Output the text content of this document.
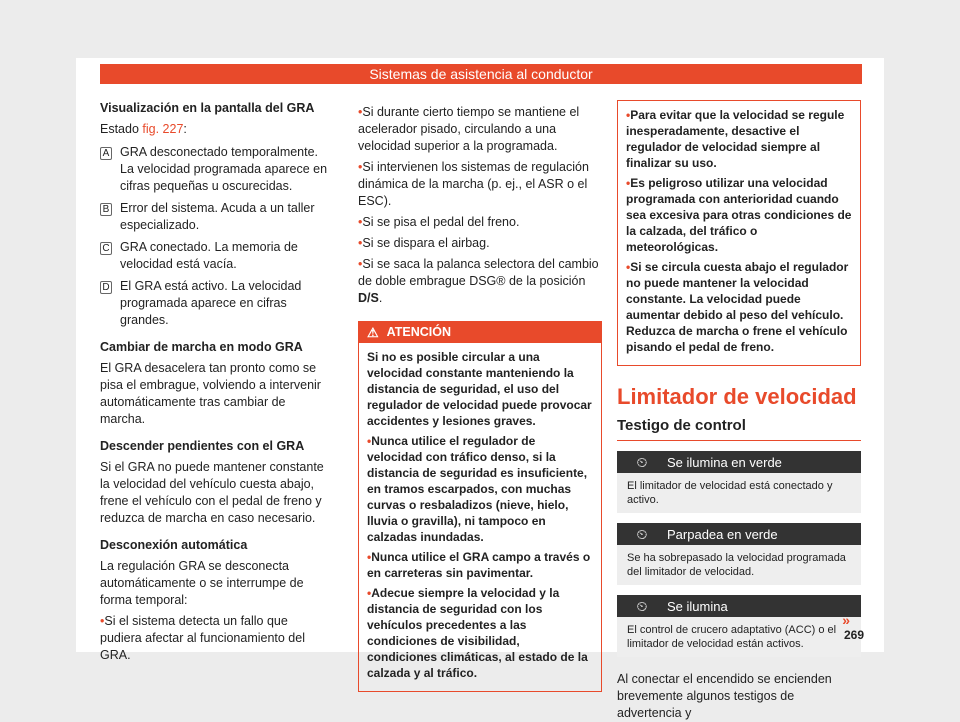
Sistemas de asistencia al conductor
Visualización en la pantalla del GRA
Estado fig. 227:
A GRA desconectado temporalmente. La velocidad programada aparece en cifras pequeñas u oscurecidas.
B Error del sistema. Acuda a un taller especializado.
C GRA conectado. La memoria de velocidad está vacía.
D El GRA está activo. La velocidad programada aparece en cifras grandes.
Cambiar de marcha en modo GRA
El GRA desacelera tan pronto como se pisa el embrague, volviendo a intervenir automáticamente tras cambiar de marcha.
Descender pendientes con el GRA
Si el GRA no puede mantener constante la velocidad del vehículo cuesta abajo, frene el vehículo con el pedal de freno y reduzca de marcha en caso necesario.
Desconexión automática
La regulación GRA se desconecta automáticamente o se interrumpe de forma temporal:
• Si el sistema detecta un fallo que pudiera afectar al funcionamiento del GRA.
• Si durante cierto tiempo se mantiene el acelerador pisado, circulando a una velocidad superior a la programada.
• Si intervienen los sistemas de regulación dinámica de la marcha (p. ej., el ASR o el ESC).
• Si se pisa el pedal del freno.
• Si se dispara el airbag.
• Si se saca la palanca selectora del cambio de doble embrague DSG® de la posición D/S.
⚠ ATENCIÓN

Si no es posible circular a una velocidad constante manteniendo la distancia de seguridad, el uso del regulador de velocidad puede provocar accidentes y lesiones graves.

• Nunca utilice el regulador de velocidad con tráfico denso, si la distancia de seguridad es insuficiente, en tramos escarpados, con muchas curvas o resbaladizos (nieve, hielo, lluvia o gravilla), ni tampoco en calzadas inundadas.

• Nunca utilice el GRA campo a través o en carreteras sin pavimentar.

• Adecue siempre la velocidad y la distancia de seguridad con los vehículos precedentes a las condiciones de visibilidad, condiciones climáticas, al estado de la calzada y al tráfico.

• Para evitar que la velocidad se regule inesperadamente, desactive el regulador de velocidad siempre al finalizar su uso.

• Es peligroso utilizar una velocidad programada con anterioridad cuando sea excesiva para otras condiciones de la calzada, del tráfico o meteorológicas.

• Si se circula cuesta abajo el regulador no puede mantener la velocidad constante. La velocidad puede aumentar debido al peso del vehículo. Reduzca de marcha o frene el vehículo pisando el pedal de freno.

Limitador de velocidad
Testigo de control
⏲	Se ilumina en verde
El limitador de velocidad está conectado y activo.
⏲	Parpadea en verde
Se ha sobrepasado la velocidad programada del limitador de velocidad.
⏲	Se ilumina
El control de crucero adaptativo (ACC) o el limitador de velocidad están activos.
Al conectar el encendido se encienden brevemente algunos testigos de advertencia y
»
269
